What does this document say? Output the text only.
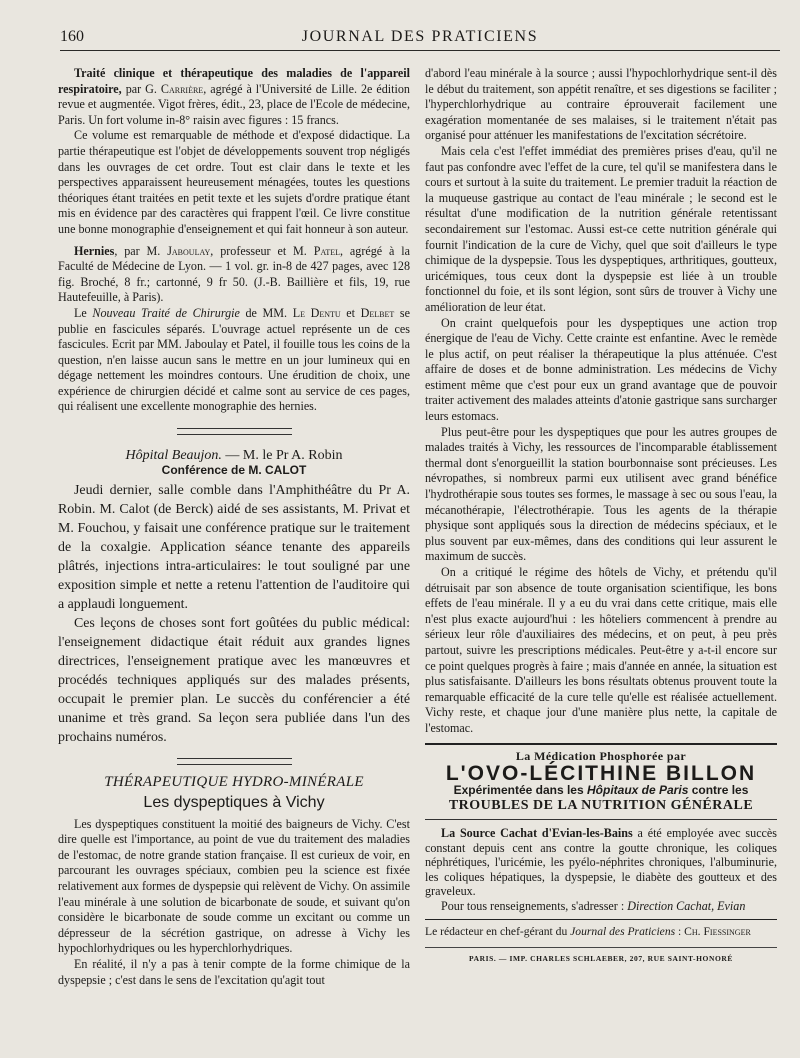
160	JOURNAL DES PRATICIENS

Traité clinique et thérapeutique des maladies de l'appareil respiratoire, par G. Carrière, agrégé à l'Université de Lille. 2e édition revue et augmentée. Vigot frères, édit., 23, place de l'Ecole de médecine, Paris. Un fort volume in-8° raisin avec figures : 15 francs.

Ce volume est remarquable de méthode et d'exposé didactique. La partie thérapeutique est l'objet de développements souvent trop négligés dans les ouvrages de cet ordre. Tout est clair dans le texte et les perspectives apparaissent heureusement ménagées, toutes les questions théoriques étant traitées en petit texte et les sujets d'ordre pratique étant mis en évidence par des caractères qui frappent l'œil. Ce livre constitue une bonne monographie d'enseignement et qui fait honneur à son auteur.

Hernies, par M. Jaboulay, professeur et M. Patel, agrégé à la Faculté de Médecine de Lyon. — 1 vol. gr. in-8 de 427 pages, avec 128 fig. Broché, 8 fr.; cartonné, 9 fr 50. (J.-B. Baillière et fils, 19, rue Hautefeuille, à Paris).

Le Nouveau Traité de Chirurgie de MM. Le Dentu et Delbet se publie en fascicules séparés. L'ouvrage actuel représente un de ces fascicules. Ecrit par MM. Jaboulay et Patel, il fouille tous les coins de la question, n'en laisse aucun sans le mettre en un jour lumineux qui en dégage nettement les moindres contours. Une érudition de choix, une expérience de chirurgien décidé et calme sont au service de ces pages, qui réalisent une excellente monographie des hernies.

Hôpital Beaujon. — M. le Pr A. Robin
Conférence de M. CALOT

Jeudi dernier, salle comble dans l'Amphithéâtre du Pr A. Robin. M. Calot (de Berck) aidé de ses assistants, M. Privat et M. Fouchou, y faisait une conférence pratique sur le traitement de la coxalgie. Application séance tenante des appareils plâtrés, injections intra-articulaires: le tout souligné par une exposition simple et nette a retenu l'attention de l'auditoire qui a applaudi longuement.

Ces leçons de choses sont fort goûtées du public médical: l'enseignement didactique était réduit aux grandes lignes directrices, l'enseignement pratique avec les manœuvres et procédés techniques appliqués sur des malades présents, occupait le premier plan. Le succès du conférencier a été unanime et très grand. Sa leçon sera publiée dans l'un des prochains numéros.

THÉRAPEUTIQUE HYDRO-MINÉRALE
Les dyspeptiques à Vichy

Les dyspeptiques constituent la moitié des baigneurs de Vichy. C'est dire quelle est l'importance, au point de vue du traitement des maladies de l'estomac, de notre grande station française. Il est curieux de voir, en parcourant les ouvrages spéciaux, combien peu la science est fixée relativement aux formes de dyspepsie qui relèvent de Vichy. On assimile l'eau minérale à une solution de bicarbonate de soude, et suivant qu'on considère le bicarbonate de soude comme un excitant ou comme un dépresseur de la sécrétion gastrique, on adresse à Vichy les hypochlorhydriques ou les hyperchlorhydriques.

En réalité, il n'y a pas à tenir compte de la forme chimique de la dyspepsie ; c'est dans le sens de l'excitation qu'agit tout

d'abord l'eau minérale à la source ; aussi l'hypochlorhydrique sent-il dès le début du traitement, son appétit renaître, et ses digestions se faciliter ; l'hyperchlorhydrique au contraire éprouverait facilement une exagération momentanée de ses malaises, si le traitement n'était pas organisé pour atténuer les manifestations de l'excitation sécrétoire.

Mais cela c'est l'effet immédiat des premières prises d'eau, qu'il ne faut pas confondre avec l'effet de la cure, tel qu'il se manifestera dans le cours et surtout à la suite du traitement. Le premier traduit la réaction de la muqueuse gastrique au contact de l'eau minérale ; le second est le résultat d'une modification de la nutrition générale retentissant secondairement sur l'estomac. Aussi est-ce cette nutrition générale qui fournit l'indication de la cure de Vichy, quel que soit d'ailleurs le type chimique de la dyspepsie. Tous les dyspeptiques, arthritiques, goutteux, uricémiques, tous ceux dont la dyspepsie est liée à un trouble fonctionnel du foie, et ils sont légion, sont sûrs de trouver à Vichy une amélioration de leur état.

On craint quelquefois pour les dyspeptiques une action trop énergique de l'eau de Vichy. Cette crainte est enfantine. Avec le remède le plus actif, on peut réaliser la thérapeutique la plus atténuée. C'est affaire de doses et de bonne administration. Les médecins de Vichy estiment même que c'est pour eux un grand avantage que de pouvoir traiter activement des malades atteints d'atonie gastrique sans surcharger leurs estomacs.

Plus peut-être pour les dyspeptiques que pour les autres groupes de malades traités à Vichy, les ressources de l'incomparable établissement thermal dont s'enorgueillit la station bourbonnaise sont précieuses. Les névropathes, si nombreux parmi eux utilisent avec grand bénéfice l'hydrothérapie sous toutes ses formes, le massage à sec ou sous l'eau, la mécanothérapie, l'électrothérapie. Tous les agents de la thérapie physique sont appliqués sous la direction de médecins spéciaux, et le plus souvent par eux-mêmes, dans des conditions qui leur assurent le maximum de succès.

On a critiqué le régime des hôtels de Vichy, et prétendu qu'il détruisait par son absence de toute organisation scientifique, les bons effets de l'eau minérale. Il y a eu du vrai dans cette critique, mais elle n'est plus exacte aujourd'hui : les hôteliers commencent à prendre au sérieux leur rôle d'auxiliaires des médecins, et on peut, à peu près partout, suivre les prescriptions médicales. Peut-être y a-t-il encore sur ce point quelques progrès à faire ; mais d'année en année, la situation est plus satisfaisante. D'ailleurs les bons résultats obtenus prouvent toute la remarquable efficacité de la cure telle qu'elle est réalisée actuellement. Vichy reste, et chaque jour d'une manière plus nette, la capitale de l'estomac.

La Médication Phosphorée par
L'OVO-LÉCITHINE BILLON
Expérimentée dans les Hôpitaux de Paris contre les
TROUBLES DE LA NUTRITION GÉNÉRALE

La Source Cachat d'Evian-les-Bains a été employée avec succès constant depuis cent ans contre la goutte chronique, les coliques néphrétiques, l'uricémie, les pyélo-néphrites chroniques, l'albuminurie, les coliques hépatiques, la dyspepsie, le diabète des goutteux et des graveleux.

Pour tous renseignements, s'adresser : Direction Cachat, Evian

Le rédacteur en chef-gérant du Journal des Praticiens : Ch. Fiessinger
PARIS. — IMP. CHARLES SCHLAEBER, 207, RUE SAINT-HONORÉ
